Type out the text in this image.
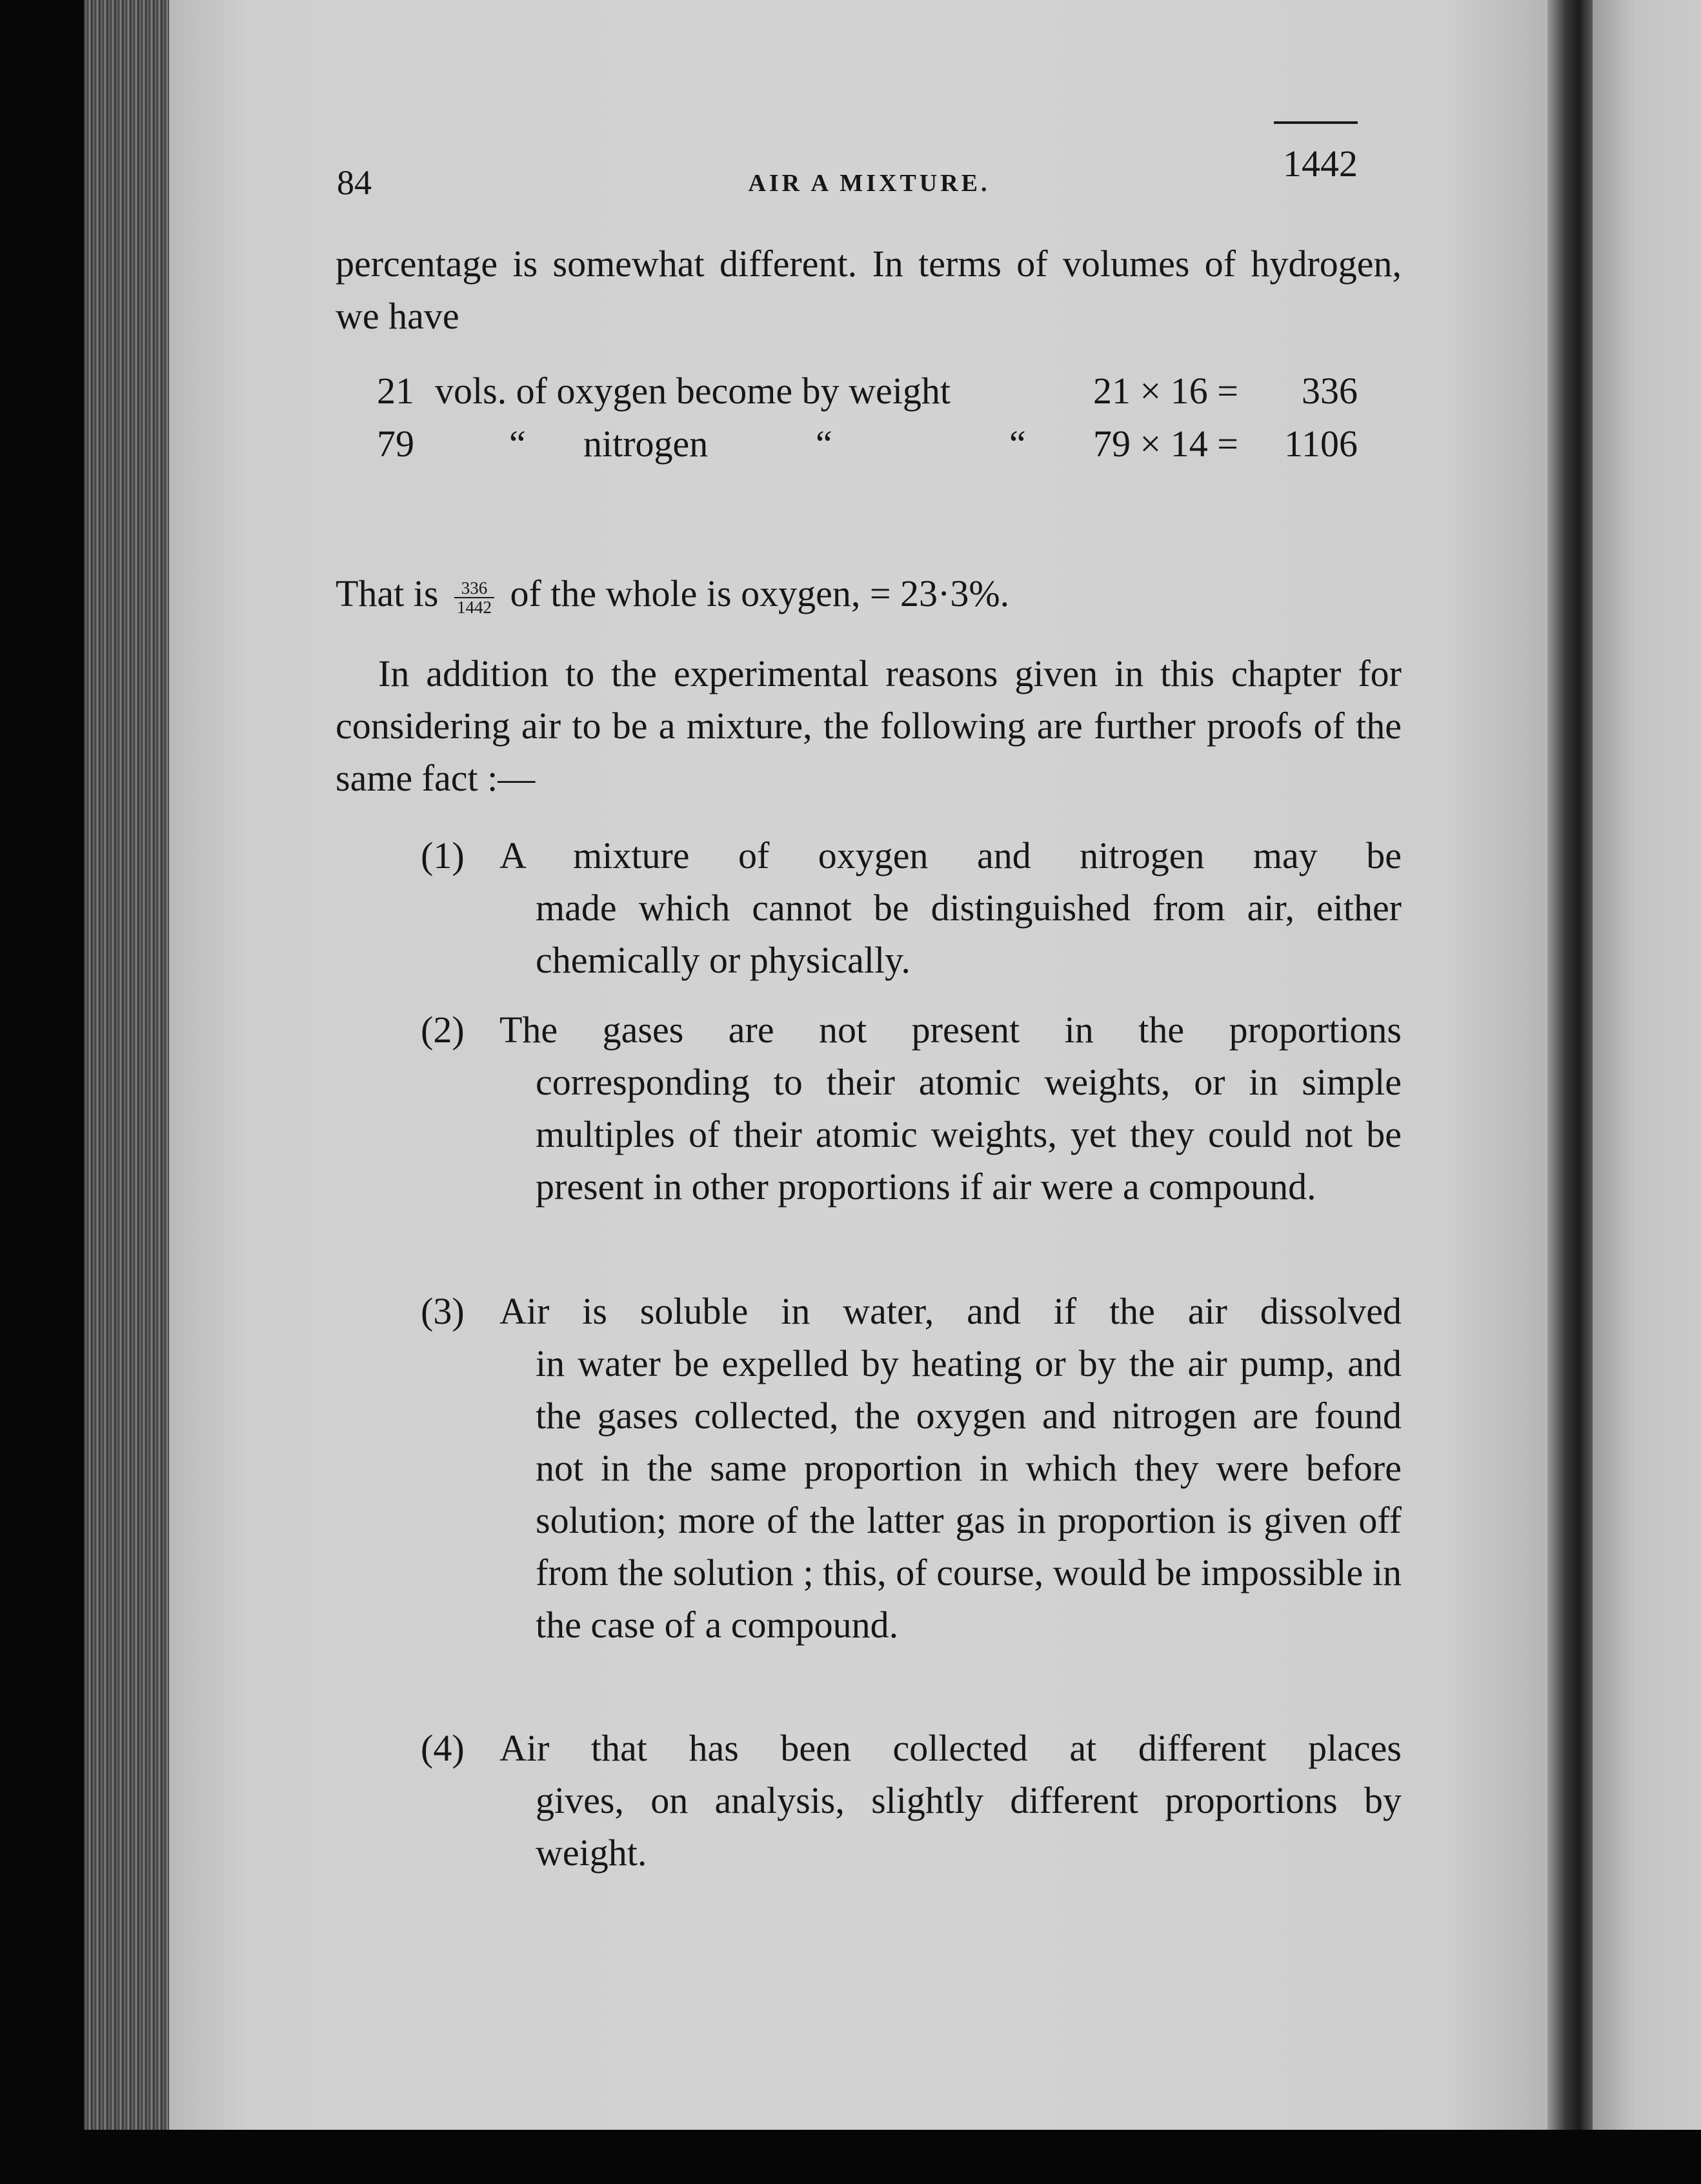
84	AIR A MIXTURE.
percentage is somewhat different. In terms of volumes of hydrogen, we have
21 vols. of oxygen become by weight	21 × 16 = 336
79	“ nitrogen	“	“ 79 × 14 = 1106
1442
That is $\frac{336}{1442}$ of the whole is oxygen, = 23·3%.
In addition to the experimental reasons given in this chapter for considering air to be a mixture, the following are further proofs of the same fact :—
(1) A mixture of oxygen and nitrogen may be
made which cannot be distinguished from air, either chemically or physically.
(2) The gases are not present in the proportions
corresponding to their atomic weights, or in simple multiples of their atomic weights, yet they could not be present in other proportions if air were a compound.
(3) Air is soluble in water, and if the air dissolved
in water be expelled by heating or by the air pump, and the gases collected, the oxygen and nitrogen are found not in the same proportion in which they were before solution; more of the latter gas in proportion is given off from the solution ; this, of course, would be impossible in the case of a compound.
(4) Air that has been collected at different places
gives, on analysis, slightly different proportions by weight.
